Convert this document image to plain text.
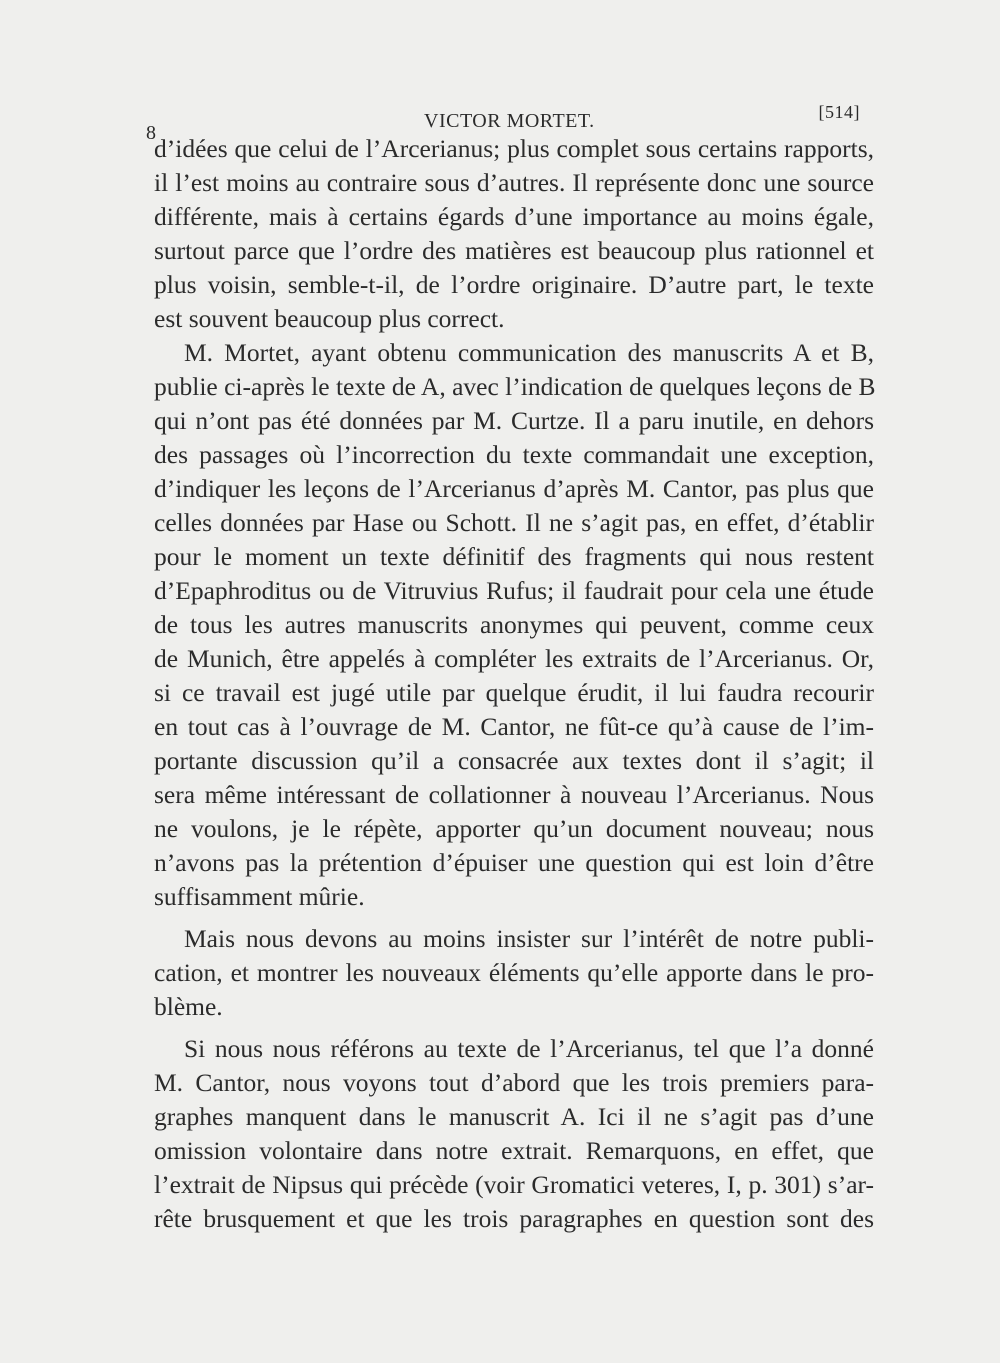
8
VICTOR MORTET.	[514]
d’idées que celui de l’Arcerianus; plus complet sous certains rapports,
il l’est moins au contraire sous d’autres. Il représente donc une source
différente, mais à certains égards d’une importance au moins égale,
surtout parce que l’ordre des matières est beaucoup plus rationnel et
plus voisin, semble-t-il, de l’ordre originaire. D’autre part, le texte
est souvent beaucoup plus correct.
M. Mortet, ayant obtenu communication des manuscrits A et B,
publie ci-après le texte de A, avec l’indication de quelques leçons de B
qui n’ont pas été données par M. Curtze. Il a paru inutile, en dehors
des passages où l’incorrection du texte commandait une exception,
d’indiquer les leçons de l’Arcerianus d’après M. Cantor, pas plus que
celles données par Hase ou Schott. Il ne s’agit pas, en effet, d’établir
pour le moment un texte définitif des fragments qui nous restent
d’Epaphroditus ou de Vitruvius Rufus; il faudrait pour cela une étude
de tous les autres manuscrits anonymes qui peuvent, comme ceux
de Munich, être appelés à compléter les extraits de l’Arcerianus. Or,
si ce travail est jugé utile par quelque érudit, il lui faudra recourir
en tout cas à l’ouvrage de M. Cantor, ne fût-ce qu’à cause de l’im-
portante discussion qu’il a consacrée aux textes dont il s’agit; il
sera même intéressant de collationner à nouveau l’Arcerianus. Nous
ne voulons, je le répète, apporter qu’un document nouveau; nous
n’avons pas la prétention d’épuiser une question qui est loin d’être
suffisamment mûrie.
Mais nous devons au moins insister sur l’intérêt de notre publi-
cation, et montrer les nouveaux éléments qu’elle apporte dans le pro-
blème.
Si nous nous référons au texte de l’Arcerianus, tel que l’a donné
M. Cantor, nous voyons tout d’abord que les trois premiers para-
graphes manquent dans le manuscrit A. Ici il ne s’agit pas d’une
omission volontaire dans notre extrait. Remarquons, en effet, que
l’extrait de Nipsus qui précède (voir Gromatici veteres, I, p. 301) s’ar-
rête brusquement et que les trois paragraphes en question sont des
